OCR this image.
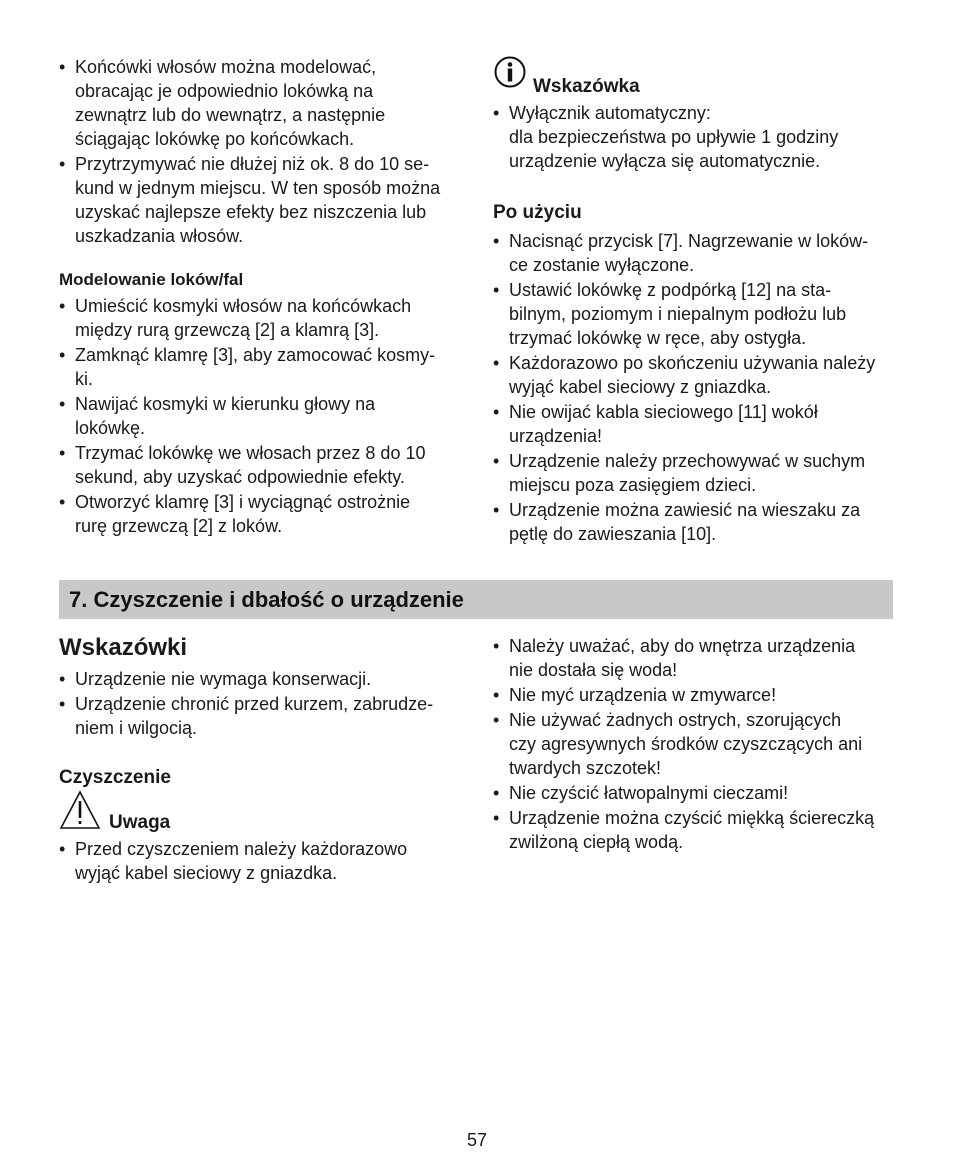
• Końcówki włosów można modelować,
obracając je odpowiednio lokówką na
zewnątrz lub do wewnątrz, a następnie
ściągając lokówkę po końcówkach.
• Przytrzymywać nie dłużej niż ok. 8 do 10 se-
kund w jednym miejscu. W ten sposób można
uzyskać najlepsze efekty bez niszczenia lub
uszkadzania włosów.
Modelowanie loków/fal
• Umieścić kosmyki włosów na końcówkach
między rurą grzewczą [2] a klamrą [3].
• Zamknąć klamrę [3], aby zamocować kosmy-
ki.
• Nawijać kosmyki w kierunku głowy na
lokówkę.
• Trzymać lokówkę we włosach przez 8 do 10
sekund, aby uzyskać odpowiednie efekty.
• Otworzyć klamrę [3] i wyciągnąć ostrożnie
rurę grzewczą [2] z loków.
Wskazówka
• Wyłącznik automatyczny:
dla bezpieczeństwa po upływie 1 godziny
urządzenie wyłącza się automatycznie.
Po użyciu
• Nacisnąć przycisk [7]. Nagrzewanie w loków-
ce zostanie wyłączone.
• Ustawić lokówkę z podpórką [12] na sta-
bilnym, poziomym i niepalnym podłożu lub
trzymać lokówkę w ręce, aby ostygła.
• Każdorazowo po skończeniu używania należy
wyjąć kabel sieciowy z gniazdka.
• Nie owijać kabla sieciowego [11] wokół
urządzenia!
• Urządzenie należy przechowywać w suchym
miejscu poza zasięgiem dzieci.
• Urządzenie można zawiesić na wieszaku za
pętlę do zawieszania [10].
7. Czyszczenie i dbałość o urządzenie
Wskazówki
• Urządzenie nie wymaga konserwacji.
• Urządzenie chronić przed kurzem, zabrudze-
niem i wilgocią.
Czyszczenie
Uwaga
• Przed czyszczeniem należy każdorazowo
wyjąć kabel sieciowy z gniazdka.
• Należy uważać, aby do wnętrza urządzenia
nie dostała się woda!
• Nie myć urządzenia w zmywarce!
• Nie używać żadnych ostrych, szorujących
czy agresywnych środków czyszczących ani
twardych szczotek!
• Nie czyścić łatwopalnymi cieczami!
• Urządzenie można czyścić miękką ściereczką
zwilżoną ciepłą wodą.
57
